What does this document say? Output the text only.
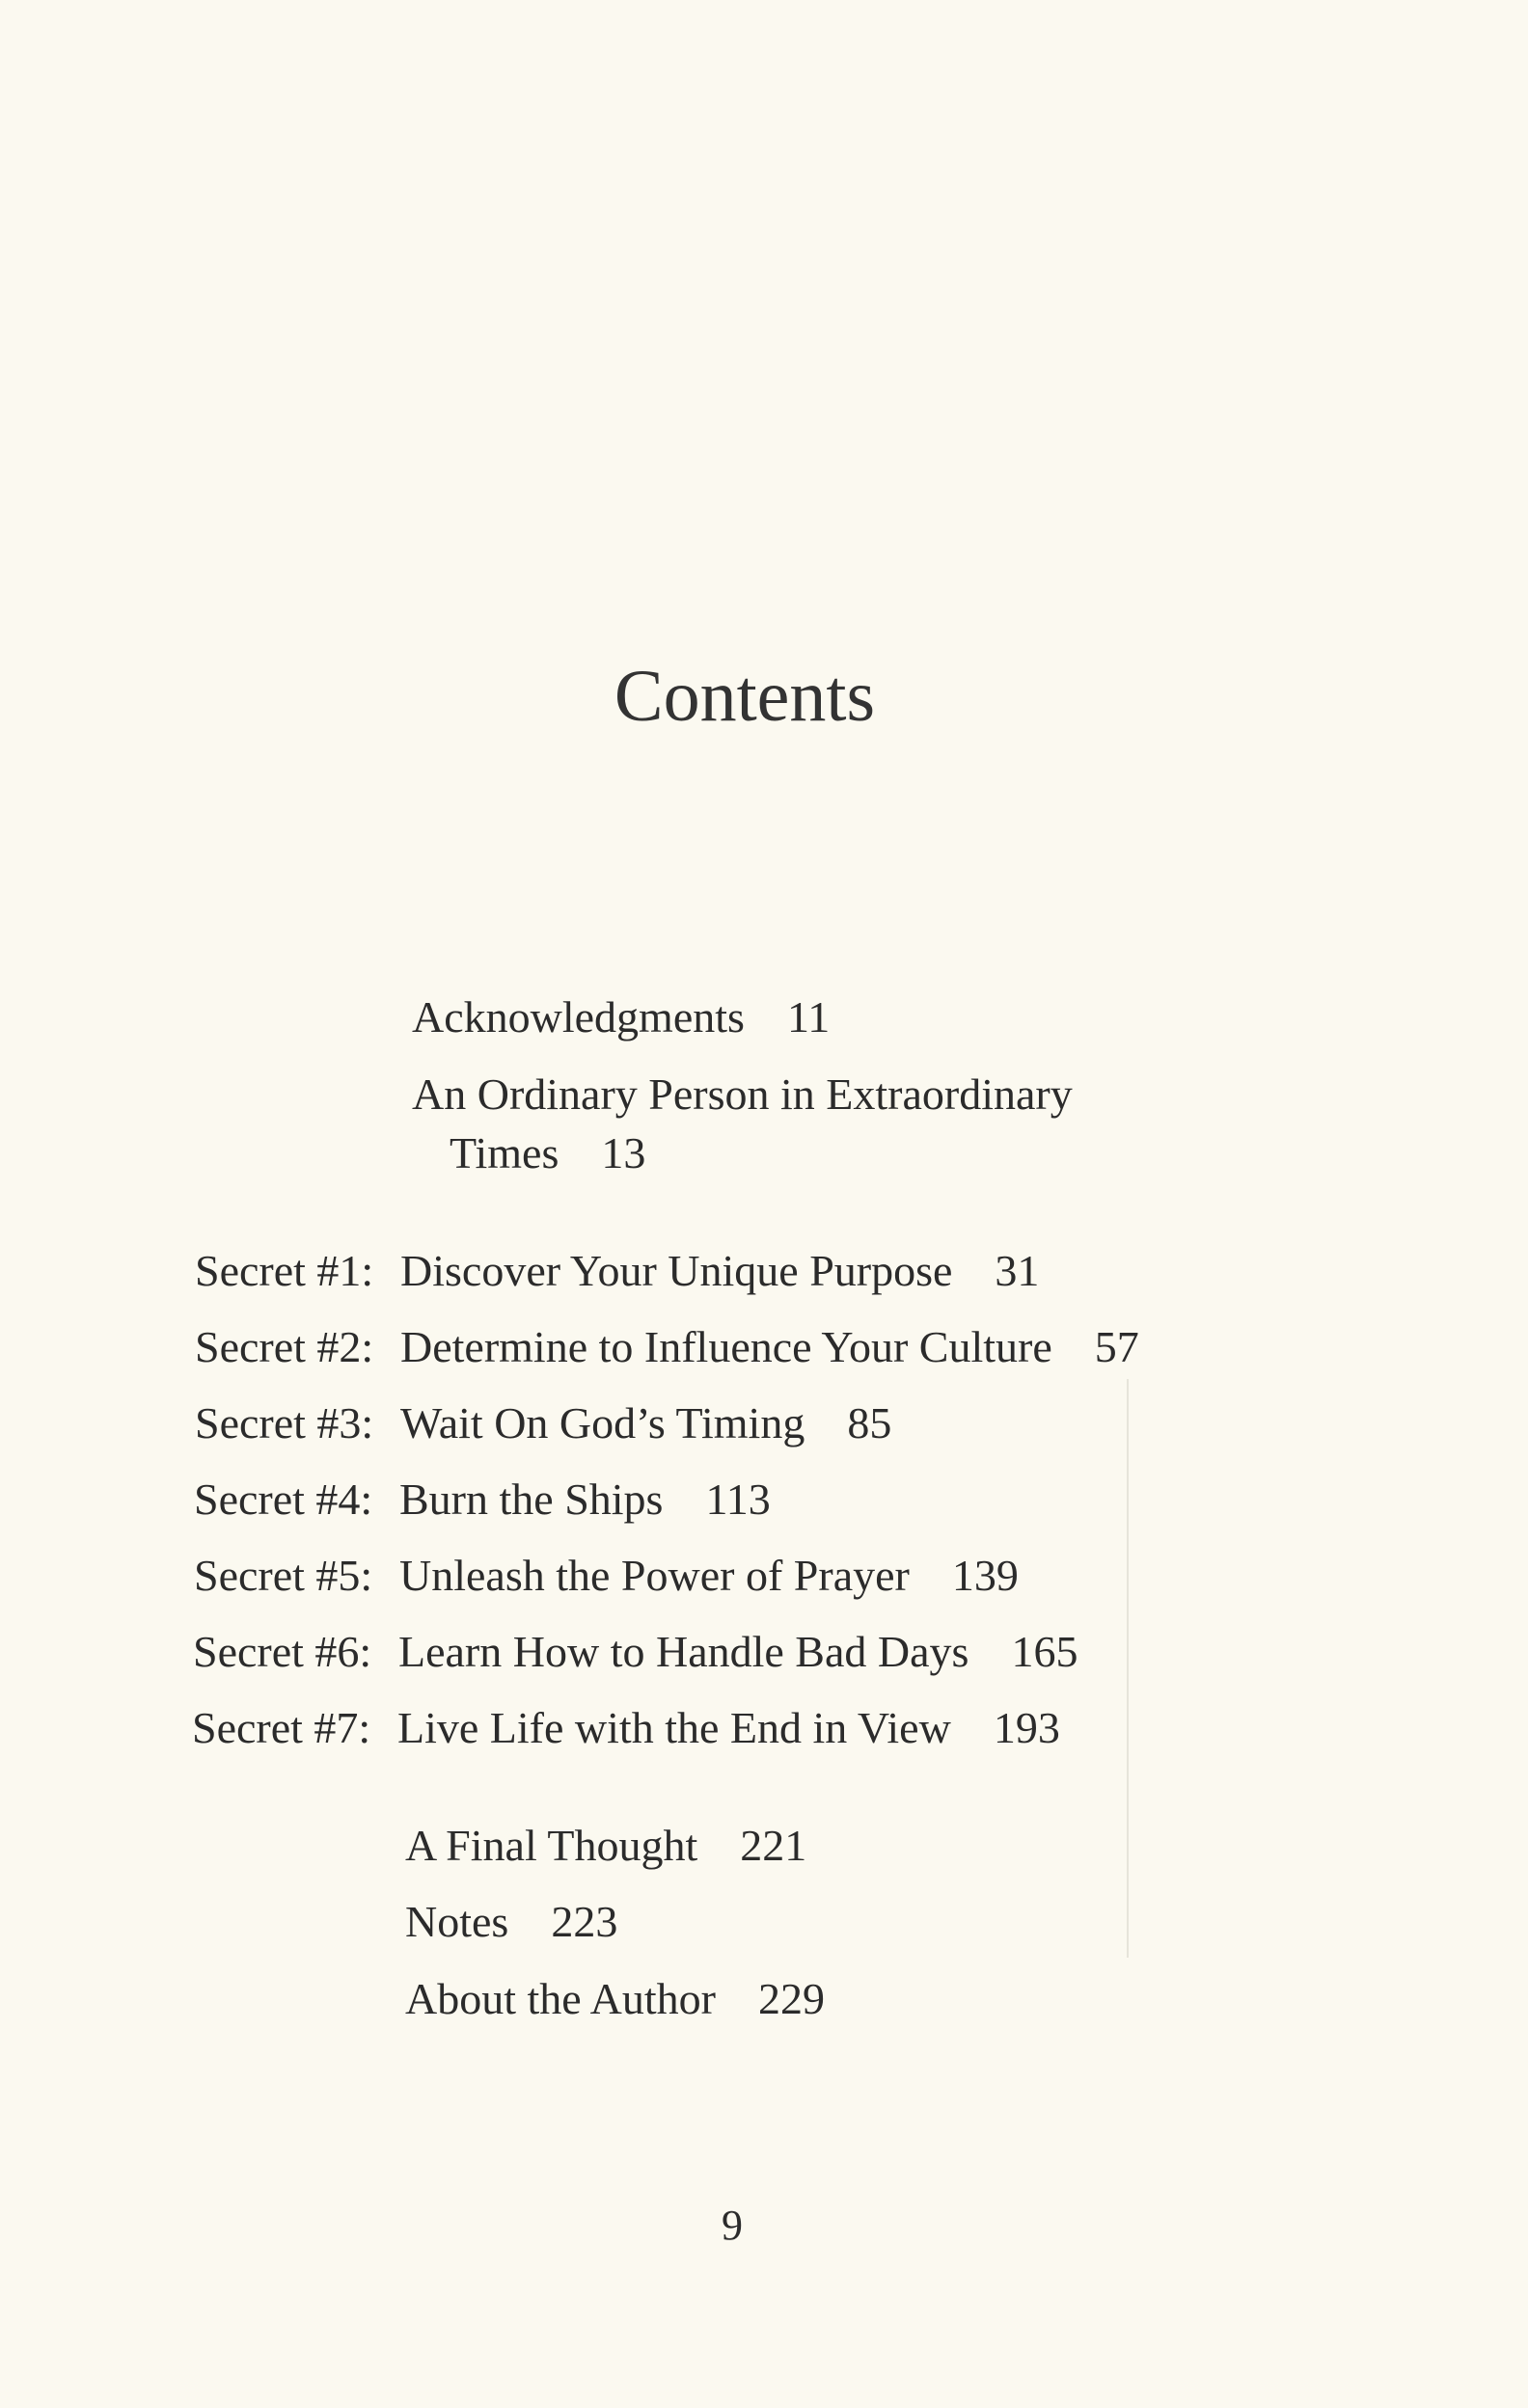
Contents
Acknowledgments 11
An Ordinary Person in Extraordinary
Times 13
Secret #1: Discover Your Unique Purpose 31
Secret #2: Determine to Influence Your Culture 57
Secret #3: Wait On God’s Timing 85
Secret #4: Burn the Ships 113
Secret #5: Unleash the Power of Prayer 139
Secret #6: Learn How to Handle Bad Days 165
Secret #7: Live Life with the End in View 193
A Final Thought 221
Notes 223
About the Author 229
9
